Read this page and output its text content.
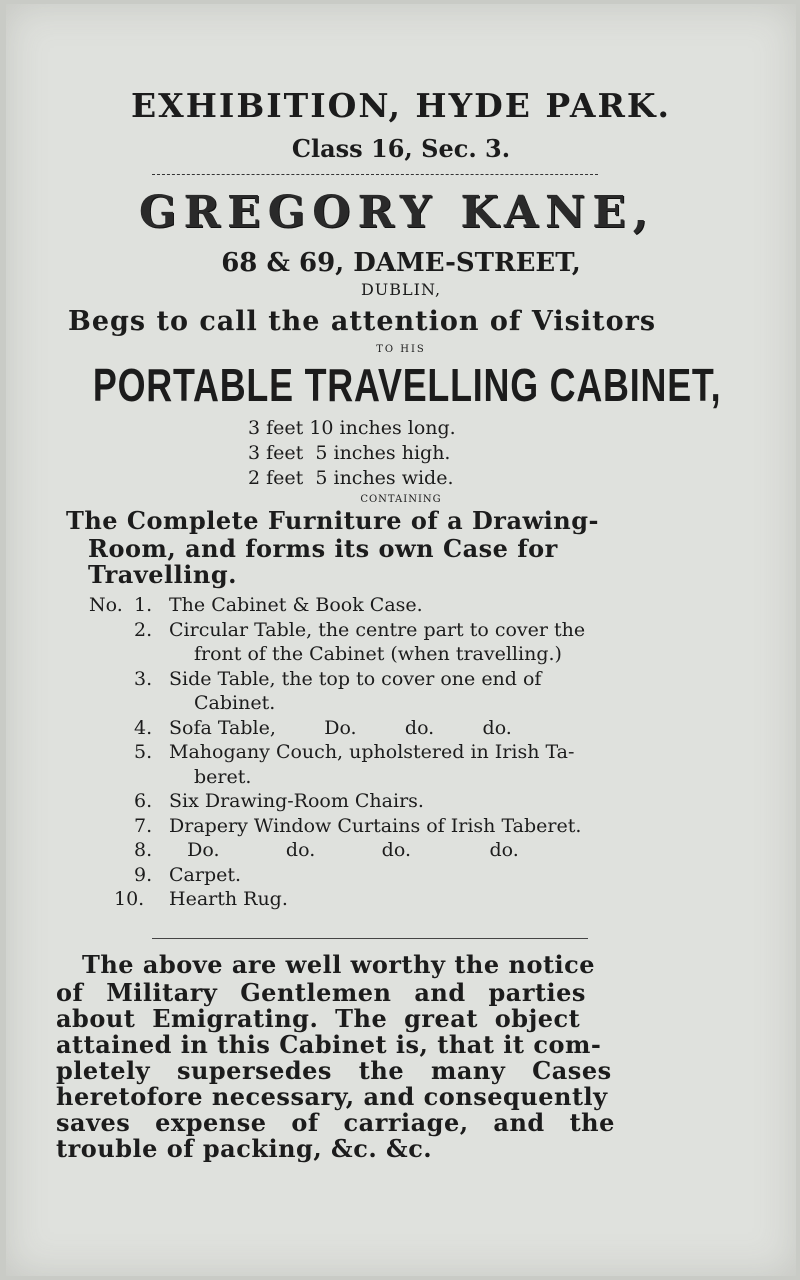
EXHIBITION, HYDE PARK.

Class 16, Sec. 3.

GREGORY KANE,

68 & 69, DAME-STREET,

DUBLIN,

Begs to call the attention of Visitors

TO HIS

PORTABLE TRAVELLING CABINET,

3 feet 10 inches long.

3 feet  5 inches high.

2 feet  5 inches wide.

CONTAINING

The Complete Furniture of a Drawing-

Room, and forms its own Case for

Travelling.

No. 1. The Cabinet & Book Case.

2. Circular Table, the centre part to cover the

front of the Cabinet (when travelling.)

3. Side Table, the top to cover one end of

Cabinet.

4. Sofa Table,        Do.        do.        do.

5. Mahogany Couch, upholstered in Irish Ta-

beret.

6. Six Drawing-Room Chairs.

7. Drapery Window Curtains of Irish Taberet.

8. Do.           do.           do.             do.

9. Carpet.

10. Hearth Rug.

The above are well worthy the notice

of Military Gentlemen and parties

about Emigrating. The great object

attained in this Cabinet is, that it com-

pletely supersedes the many Cases

heretofore necessary, and consequently

saves expense of carriage, and the

trouble of packing, &c. &c.
